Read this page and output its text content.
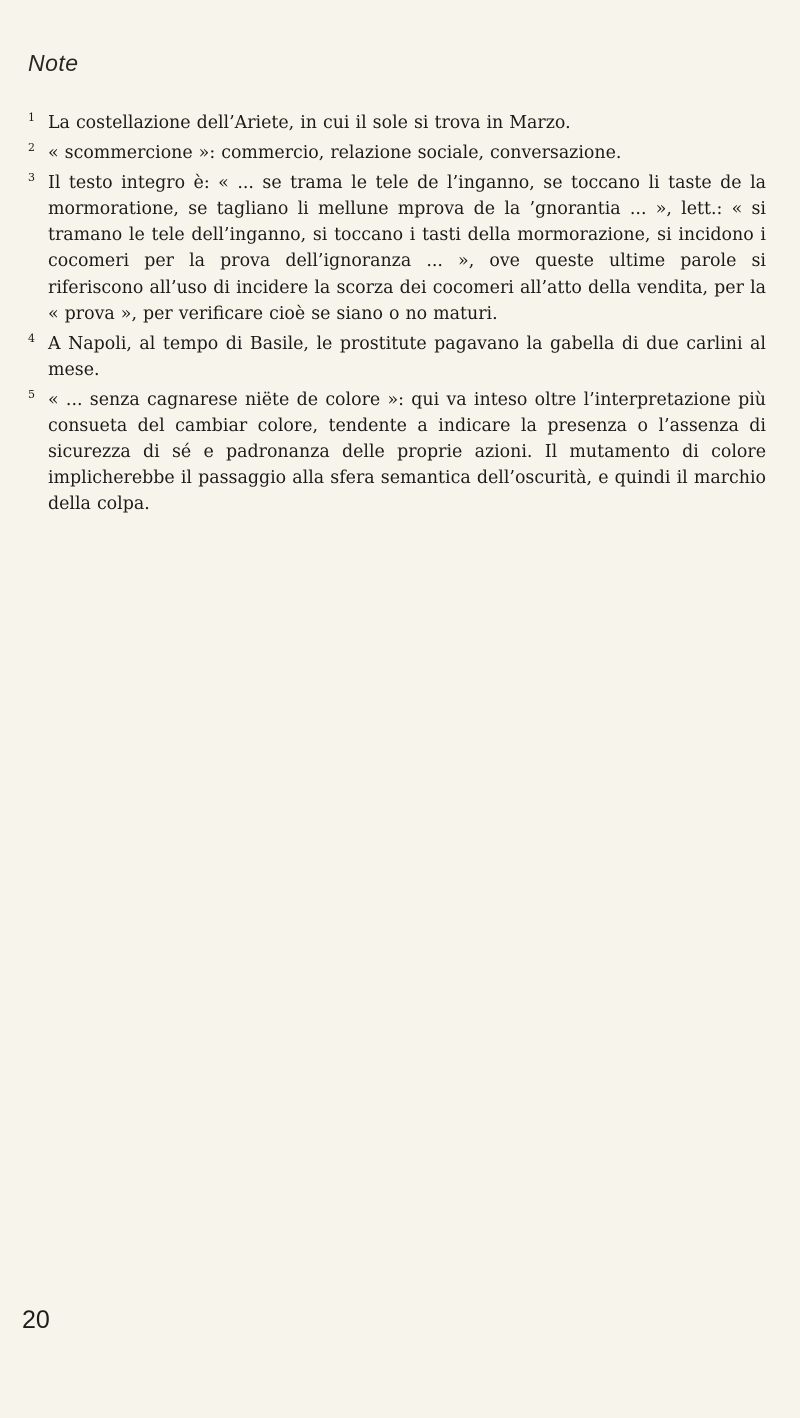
Note
1 La costellazione dell’Ariete, in cui il sole si trova in Marzo.
2 « scommercione »: commercio, relazione sociale, conversazione.
3 Il testo integro è: « ... se trama le tele de l’inganno, se toccano li taste de la mormoratione, se tagliano li mellune mprova de la ’gnorantia ... », lett.: « si tramano le tele dell’inganno, si toccano i tasti della mormorazione, si incidono i cocomeri per la prova dell’ignoranza ... », ove queste ultime parole si riferiscono all’uso di incidere la scorza dei cocomeri all’atto della vendita, per la « prova », per verificare cioè se siano o no maturi.
4 A Napoli, al tempo di Basile, le prostitute pagavano la gabella di due carlini al mese.
5 « ... senza cagnarese niëte de colore »: qui va inteso oltre l’interpretazione più consueta del cambiar colore, tendente a indicare la presenza o l’assenza di sicurezza di sé e padronanza delle proprie azioni. Il mutamento di colore implicherebbe il passaggio alla sfera semantica dell’oscurità, e quindi il marchio della colpa.
20
